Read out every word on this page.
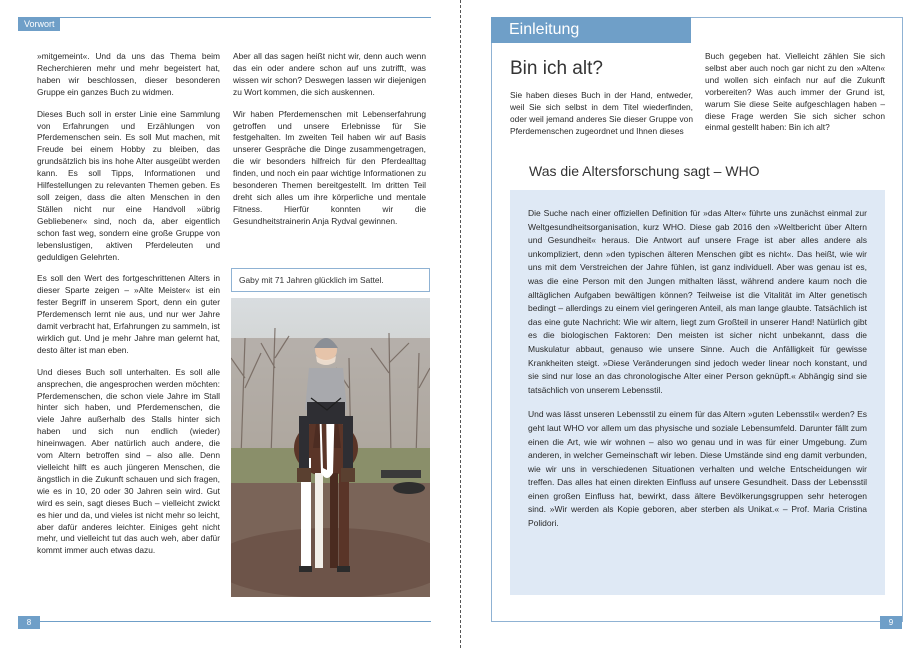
Vorwort

»mitgemeint«. Und da uns das Thema beim Recherchieren mehr und mehr begeistert hat, haben wir beschlossen, dieser besonderen Gruppe ein ganzes Buch zu widmen.

Dieses Buch soll in erster Linie eine Sammlung von Erfahrungen und Erzählungen von Pferdemenschen sein. Es soll Mut machen, mit Freude bei einem Hobby zu bleiben, das grundsätzlich bis ins hohe Alter ausgeübt werden kann. Es soll Tipps, Informationen und Hilfestellungen zu relevanten Themen geben. Es soll zeigen, dass die alten Menschen in den Ställen nicht nur eine Handvoll »übrig Gebliebener« sind, noch da, aber eigentlich schon fast weg, sondern eine große Gruppe von lebenslustigen, aktiven Pferdeleuten und geduldigen Gelehrten.

Es soll den Wert des fortgeschrittenen Alters in dieser Sparte zeigen – »Alte Meister« ist ein fester Begriff in unserem Sport, denn ein guter Pferdemensch lernt nie aus, und nur wer Jahre damit verbracht hat, Erfahrungen zu sammeln, ist wirklich gut. Und je mehr Jahre man gelernt hat, desto älter ist man eben.

Und dieses Buch soll unterhalten. Es soll alle ansprechen, die angesprochen werden möchten: Pferdemenschen, die schon viele Jahre im Stall hinter sich haben, und Pferdemenschen, die viele Jahre außerhalb des Stalls hinter sich haben und sich nun endlich (wieder) hineinwagen. Aber natürlich auch andere, die vom Altern betroffen sind – also alle. Denn vielleicht hilft es auch jüngeren Menschen, die ängstlich in die Zukunft schauen und sich fragen, wie es in 10, 20 oder 30 Jahren sein wird. Gut wird es sein, sagt dieses Buch – vielleicht zwickt es hier und da, und vieles ist nicht mehr so leicht, aber dafür anderes leichter. Einiges geht nicht mehr, und vielleicht tut das auch weh, aber dafür kommt immer auch etwas dazu.

Aber all das sagen heißt nicht wir, denn auch wenn das ein oder andere schon auf uns zutrifft, was wissen wir schon? Deswegen lassen wir diejenigen zu Wort kommen, die sich auskennen.

Wir haben Pferdemenschen mit Lebenserfahrung getroffen und unsere Erlebnisse für Sie festgehalten. Im zweiten Teil haben wir auf Basis unserer Gespräche die Dinge zusammengetragen, die wir besonders hilfreich für den Pferdealltag finden, und noch ein paar wichtige Informationen zu besonderen Themen bereitgestellt. Im dritten Teil dreht sich alles um ihre körperliche und mentale Fitness. Hierfür konnten wir die Gesundheitstrainerin Anja Rydval gewinnen.

Gaby mit 71 Jahren glücklich im Sattel.
8
Einleitung
Bin ich alt?
Sie haben dieses Buch in der Hand, entweder, weil Sie sich selbst in dem Titel wiederfinden, oder weil jemand anderes Sie dieser Gruppe von Pferdemenschen zugeordnet und Ihnen dieses
Buch gegeben hat. Vielleicht zählen Sie sich selbst aber auch noch gar nicht zu den »Alten« und wollen sich einfach nur auf die Zukunft vorbereiten? Was auch immer der Grund ist, warum Sie diese Seite aufgeschlagen haben – diese Frage werden Sie sich sicher schon einmal gestellt haben: Bin ich alt?
Was die Altersforschung sagt – WHO

Die Suche nach einer offiziellen Definition für »das Alter« führte uns zunächst einmal zur Weltgesundheitsorganisation, kurz WHO. Diese gab 2016 den »Weltbericht über Altern und Gesundheit« heraus. Die Antwort auf unsere Frage ist aber alles andere als unkompliziert, denn »den typischen älteren Menschen gibt es nicht«. Das heißt, wie wir uns mit dem Verstreichen der Jahre fühlen, ist ganz individuell. Aber was genau ist es, was die eine Person mit den Jungen mithalten lässt, während andere kaum noch die alltäglichen Aufgaben bewältigen können? Teilweise ist die Vitalität im Alter genetisch bedingt – allerdings zu einem viel geringeren Anteil, als man lange glaubte. Tatsächlich ist das eine gute Nachricht: Wie wir altern, liegt zum Großteil in unserer Hand! Natürlich gibt es die biologischen Faktoren: Den meisten ist sicher nicht unbekannt, dass die Muskulatur abbaut, genauso wie unsere Sinne. Auch die Anfälligkeit für gewisse Krankheiten steigt. »Diese Veränderungen sind jedoch weder linear noch konstant, und sie sind nur lose an das chronologische Alter einer Person geknüpft.« Abhängig sind sie tatsächlich von unserem Lebensstil.

Und was lässt unseren Lebensstil zu einem für das Altern »guten Lebensstil« werden? Es geht laut WHO vor allem um das physische und soziale Lebensumfeld. Darunter fällt zum einen die Art, wie wir wohnen – also wo genau und in was für einer Umgebung. Zum anderen, in welcher Gemeinschaft wir leben. Diese Umstände sind eng damit verbunden, wie wir uns in verschiedenen Situationen verhalten und welche Entscheidungen wir treffen. Das alles hat einen direkten Einfluss auf unsere Gesundheit. Dass der Lebensstil einen großen Einfluss hat, bewirkt, dass ältere Bevölkerungsgruppen sehr heterogen sind. »Wir werden als Kopie geboren, aber sterben als Unikat.« – Prof. Maria Cristina Polidori.

9
